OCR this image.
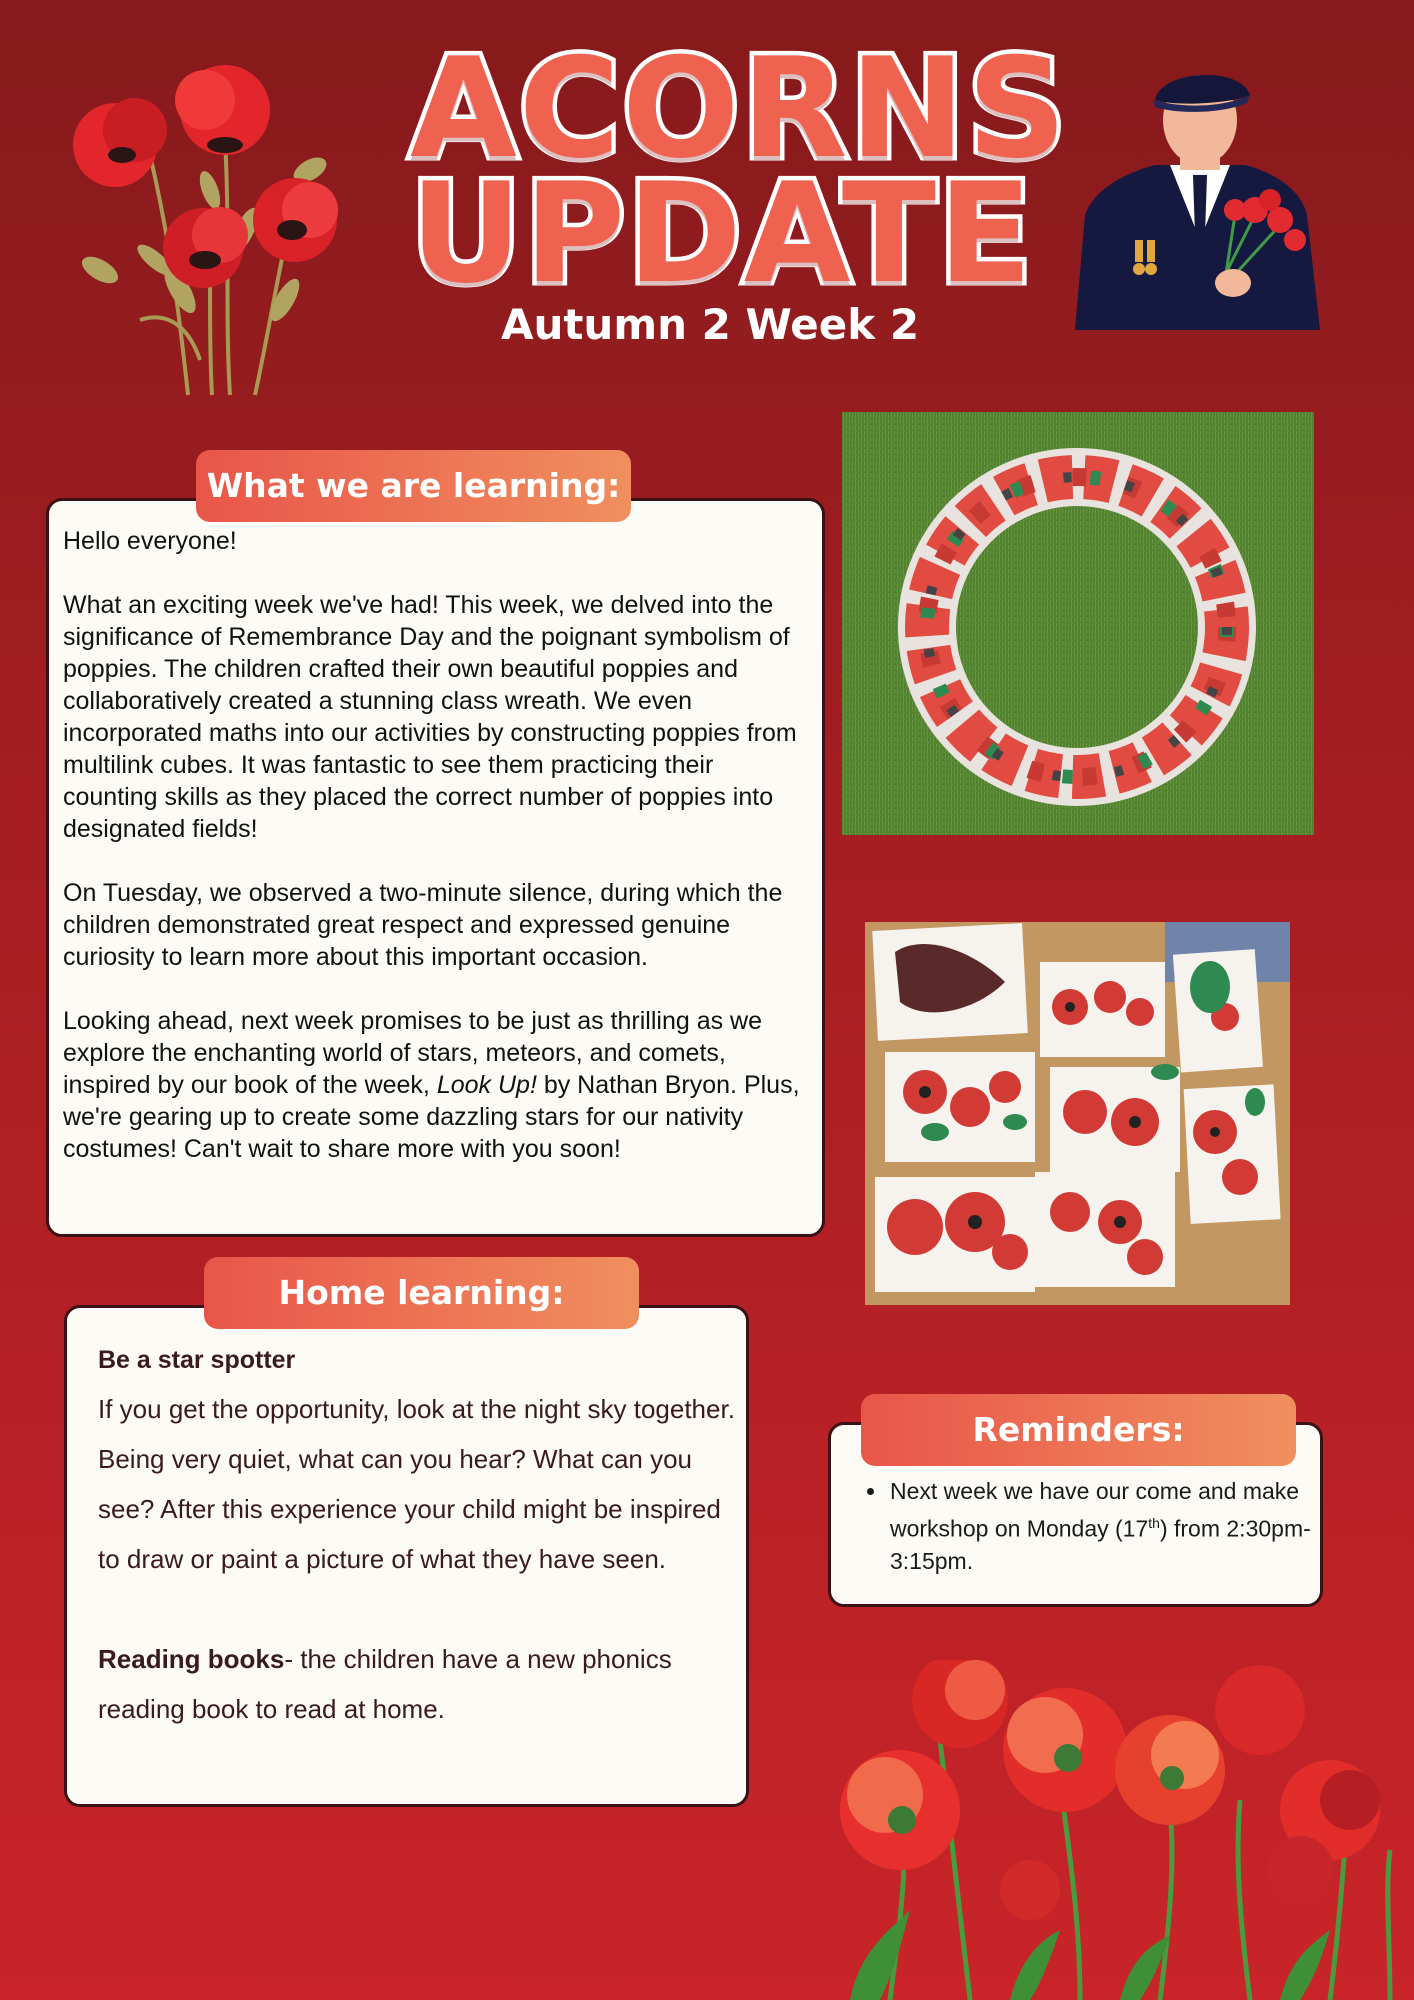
ACORNS
UPDATE
Autumn 2 Week 2
What we are learning:

Hello everyone!

What an exciting week we've had! This week, we delved into the significance of Remembrance Day and the poignant symbolism of poppies. The children crafted their own beautiful poppies and collaboratively created a stunning class wreath. We even incorporated maths into our activities by constructing poppies from multilink cubes. It was fantastic to see them practicing their counting skills as they placed the correct number of poppies into designated fields!

On Tuesday, we observed a two-minute silence, during which the children demonstrated great respect and expressed genuine curiosity to learn more about this important occasion.

Looking ahead, next week promises to be just as thrilling as we explore the enchanting world of stars, meteors, and comets, inspired by our book of the week, Look Up! by Nathan Bryon. Plus, we're gearing up to create some dazzling stars for our nativity costumes! Can't wait to share more with you soon!

Home learning:

Be a star spotter

If you get the opportunity, look at the night sky together. Being very quiet, what can you hear? What can you see? After this experience your child might be inspired to draw or paint a picture of what they have seen.

Reading books- the children have a new phonics reading book to read at home.

Reminders:
• Next week we have our come and make workshop on Monday (17th) from 2:30pm-3:15pm.
